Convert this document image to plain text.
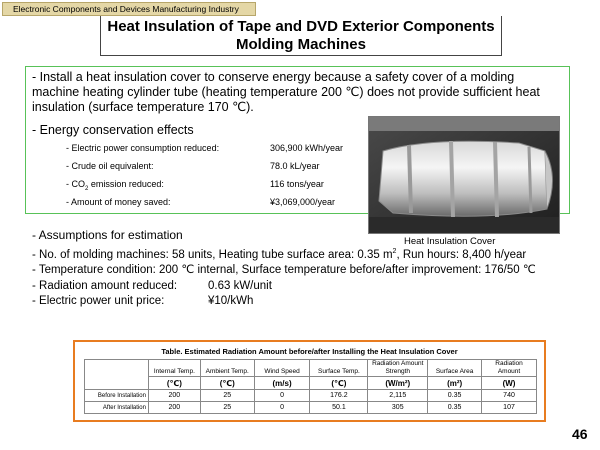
Electronic Components and Devices Manufacturing Industry
Heat Insulation of Tape and DVD Exterior Components
Molding Machines
- Install a heat insulation cover to conserve energy because a safety cover of a molding machine heating cylinder tube (heating temperature 200 ℃) does not provide sufficient heat insulation (surface temperature 170 ℃).
- Energy conservation effects
- Electric power consumption reduced:	306,900 kWh/year
- Crude oil equivalent:	78.0 kL/year
- $CO_2$ emission reduced:	116 tons/year
- Amount of money saved:	¥3,069,000/year
Heat Insulation Cover
- Assumptions for estimation
- No. of molding machines: 58 units, Heating tube surface area: 0.35 $m^2$, Run hours: 8,400 h/year
- Temperature condition: 200 ℃ internal, Surface temperature before/after improvement: 176/50 ℃
- Radiation amount reduced:	0.63 kW/unit
- Electric power unit price:	¥10/kWh
Table. Estimated Radiation Amount before/after Installing the Heat Insulation Cover
	Internal Temp.	Ambient Temp.	Wind Speed	Surface Temp.	Radiation Amount Strength	Surface Area	Radiation Amount
	(℃)	(℃)	(m/s)	(℃)	(W/m²)	(m²)	(W)
Before Installation	200	25	0	176.2	2,115	0.35	740
After Installation	200	25	0	50.1	305	0.35	107
46
